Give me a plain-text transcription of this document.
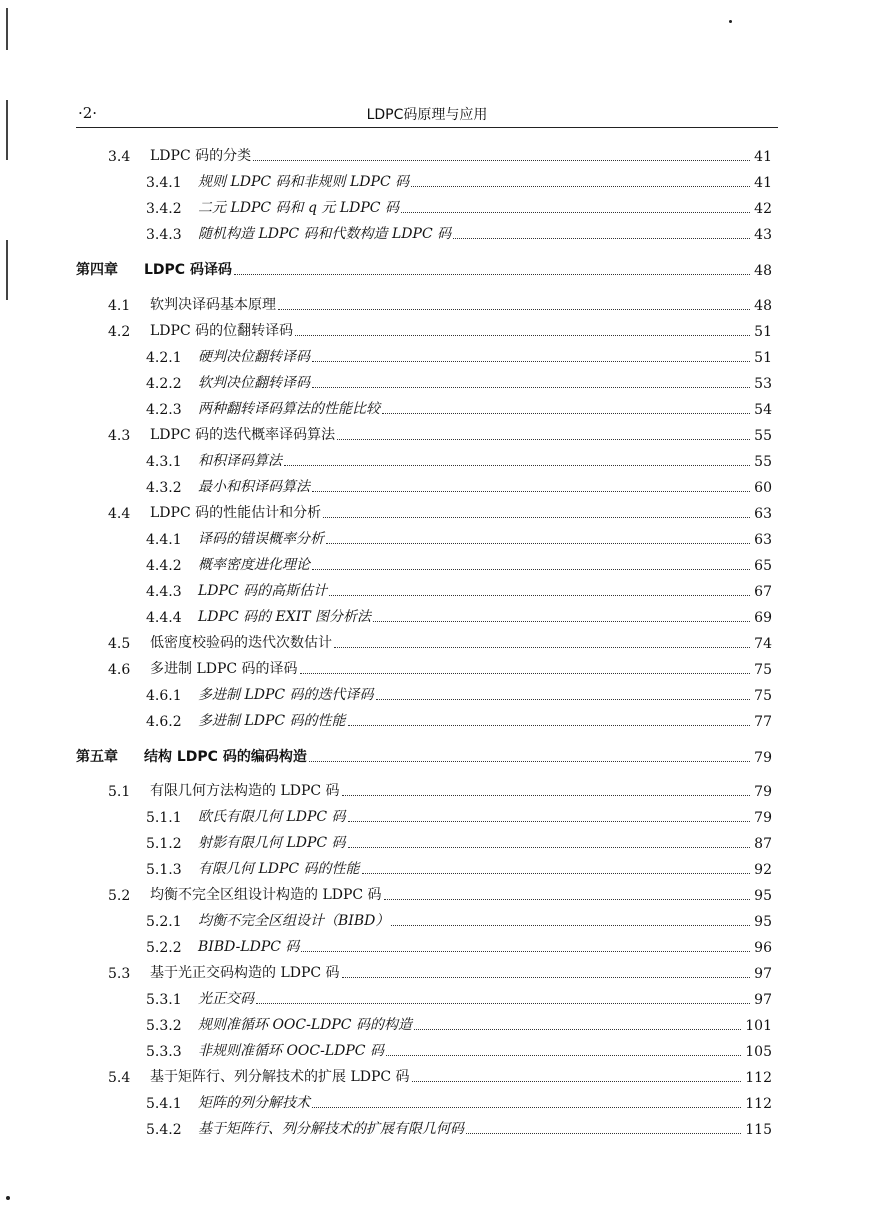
·2·	LDPC码原理与应用
3.4	LDPC 码的分类	41
3.4.1	规则 LDPC 码和非规则 LDPC 码	41
3.4.2	二元 LDPC 码和 q 元 LDPC 码	42
3.4.3	随机构造 LDPC 码和代数构造 LDPC 码	43
第四章	LDPC 码译码	48
4.1	软判决译码基本原理	48
4.2	LDPC 码的位翻转译码	51
4.2.1	硬判决位翻转译码	51
4.2.2	软判决位翻转译码	53
4.2.3	两种翻转译码算法的性能比较	54
4.3	LDPC 码的迭代概率译码算法	55
4.3.1	和积译码算法	55
4.3.2	最小和积译码算法	60
4.4	LDPC 码的性能估计和分析	63
4.4.1	译码的错误概率分析	63
4.4.2	概率密度进化理论	65
4.4.3	LDPC 码的高斯估计	67
4.4.4	LDPC 码的 EXIT 图分析法	69
4.5	低密度校验码的迭代次数估计	74
4.6	多进制 LDPC 码的译码	75
4.6.1	多进制 LDPC 码的迭代译码	75
4.6.2	多进制 LDPC 码的性能	77
第五章	结构 LDPC 码的编码构造	79
5.1	有限几何方法构造的 LDPC 码	79
5.1.1	欧氏有限几何 LDPC 码	79
5.1.2	射影有限几何 LDPC 码	87
5.1.3	有限几何 LDPC 码的性能	92
5.2	均衡不完全区组设计构造的 LDPC 码	95
5.2.1	均衡不完全区组设计（BIBD）	95
5.2.2	BIBD-LDPC 码	96
5.3	基于光正交码构造的 LDPC 码	97
5.3.1	光正交码	97
5.3.2	规则准循环 OOC-LDPC 码的构造	101
5.3.3	非规则准循环 OOC-LDPC 码	105
5.4	基于矩阵行、列分解技术的扩展 LDPC 码	112
5.4.1	矩阵的列分解技术	112
5.4.2	基于矩阵行、列分解技术的扩展有限几何码	115
